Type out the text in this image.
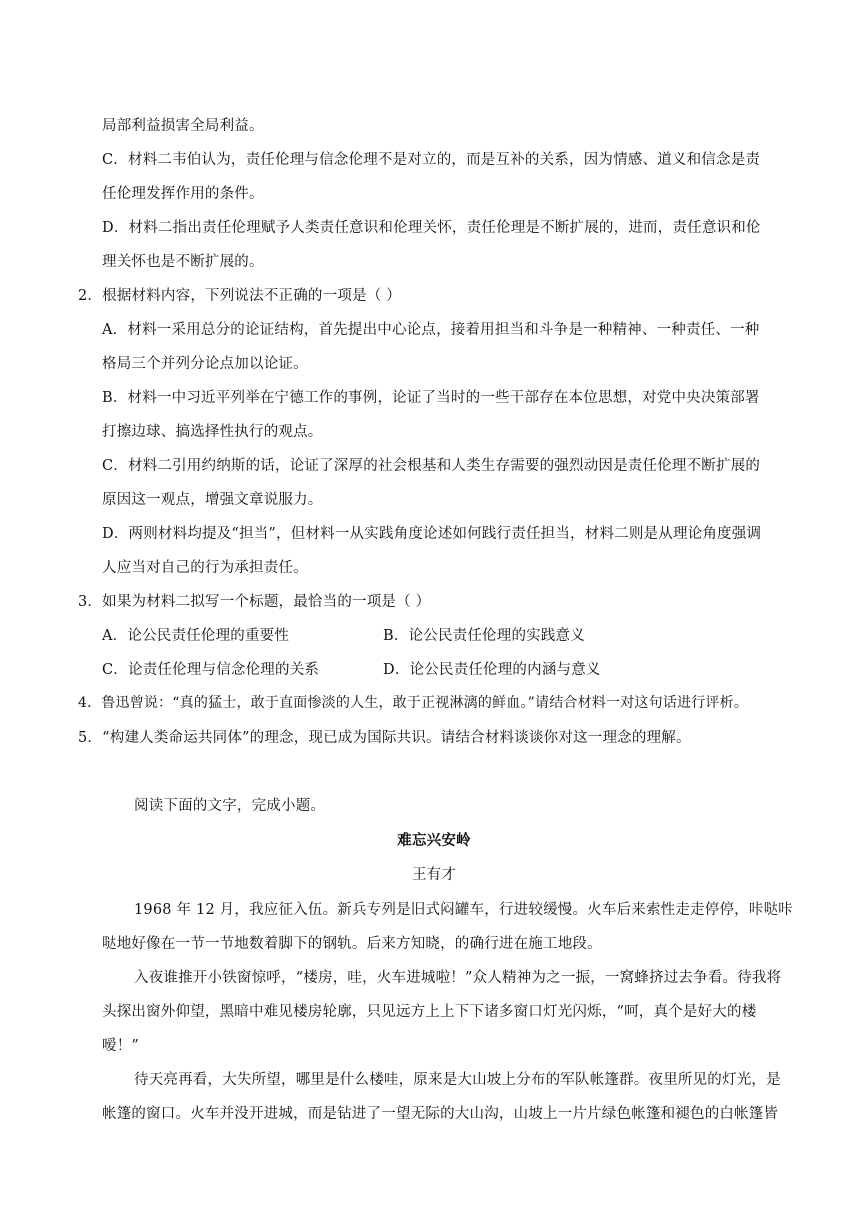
局部利益损害全局利益。
C．材料二韦伯认为，责任伦理与信念伦理不是对立的，而是互补的关系，因为情感、道义和信念是责
任伦理发挥作用的条件。
D．材料二指出责任伦理赋予人类责任意识和伦理关怀，责任伦理是不断扩展的，进而，责任意识和伦
理关怀也是不断扩展的。
2．根据材料内容，下列说法不正确的一项是（ ）
A．材料一采用总分的论证结构，首先提出中心论点，接着用担当和斗争是一种精神、一种责任、一种
格局三个并列分论点加以论证。
B．材料一中习近平列举在宁德工作的事例，论证了当时的一些干部存在本位思想，对党中央决策部署
打擦边球、搞选择性执行的观点。
C．材料二引用约纳斯的话，论证了深厚的社会根基和人类生存需要的强烈动因是责任伦理不断扩展的
原因这一观点，增强文章说服力。
D．两则材料均提及“担当”，但材料一从实践角度论述如何践行责任担当，材料二则是从理论角度强调
人应当对自己的行为承担责任。
3．如果为材料二拟写一个标题，最恰当的一项是（ ）
A．论公民责任伦理的重要性	B．论公民责任伦理的实践意义
C．论责任伦理与信念伦理的关系	D．论公民责任伦理的内涵与意义
4．鲁迅曾说：“真的猛士，敢于直面惨淡的人生，敢于正视淋漓的鲜血。”请结合材料一对这句话进行评析。
5．“构建人类命运共同体”的理念，现已成为国际共识。请结合材料谈谈你对这一理念的理解。
阅读下面的文字，完成小题。
难忘兴安岭
王有才
1968 年 12 月，我应征入伍。新兵专列是旧式闷罐车，行进较缓慢。火车后来索性走走停停，咔哒咔
哒地好像在一节一节地数着脚下的钢轨。后来方知晓，的确行进在施工地段。
入夜谁推开小铁窗惊呼，“楼房，哇，火车进城啦！”众人精神为之一振，一窝蜂挤过去争看。待我将
头探出窗外仰望，黑暗中难见楼房轮廓，只见远方上上下下诸多窗口灯光闪烁，“呵，真个是好大的楼
嗳！”
待天亮再看，大失所望，哪里是什么楼哇，原来是大山坡上分布的军队帐篷群。夜里所见的灯光，是
帐篷的窗口。火车并没开进城，而是钻进了一望无际的大山沟，山坡上一片片绿色帐篷和褪色的白帐篷皆
